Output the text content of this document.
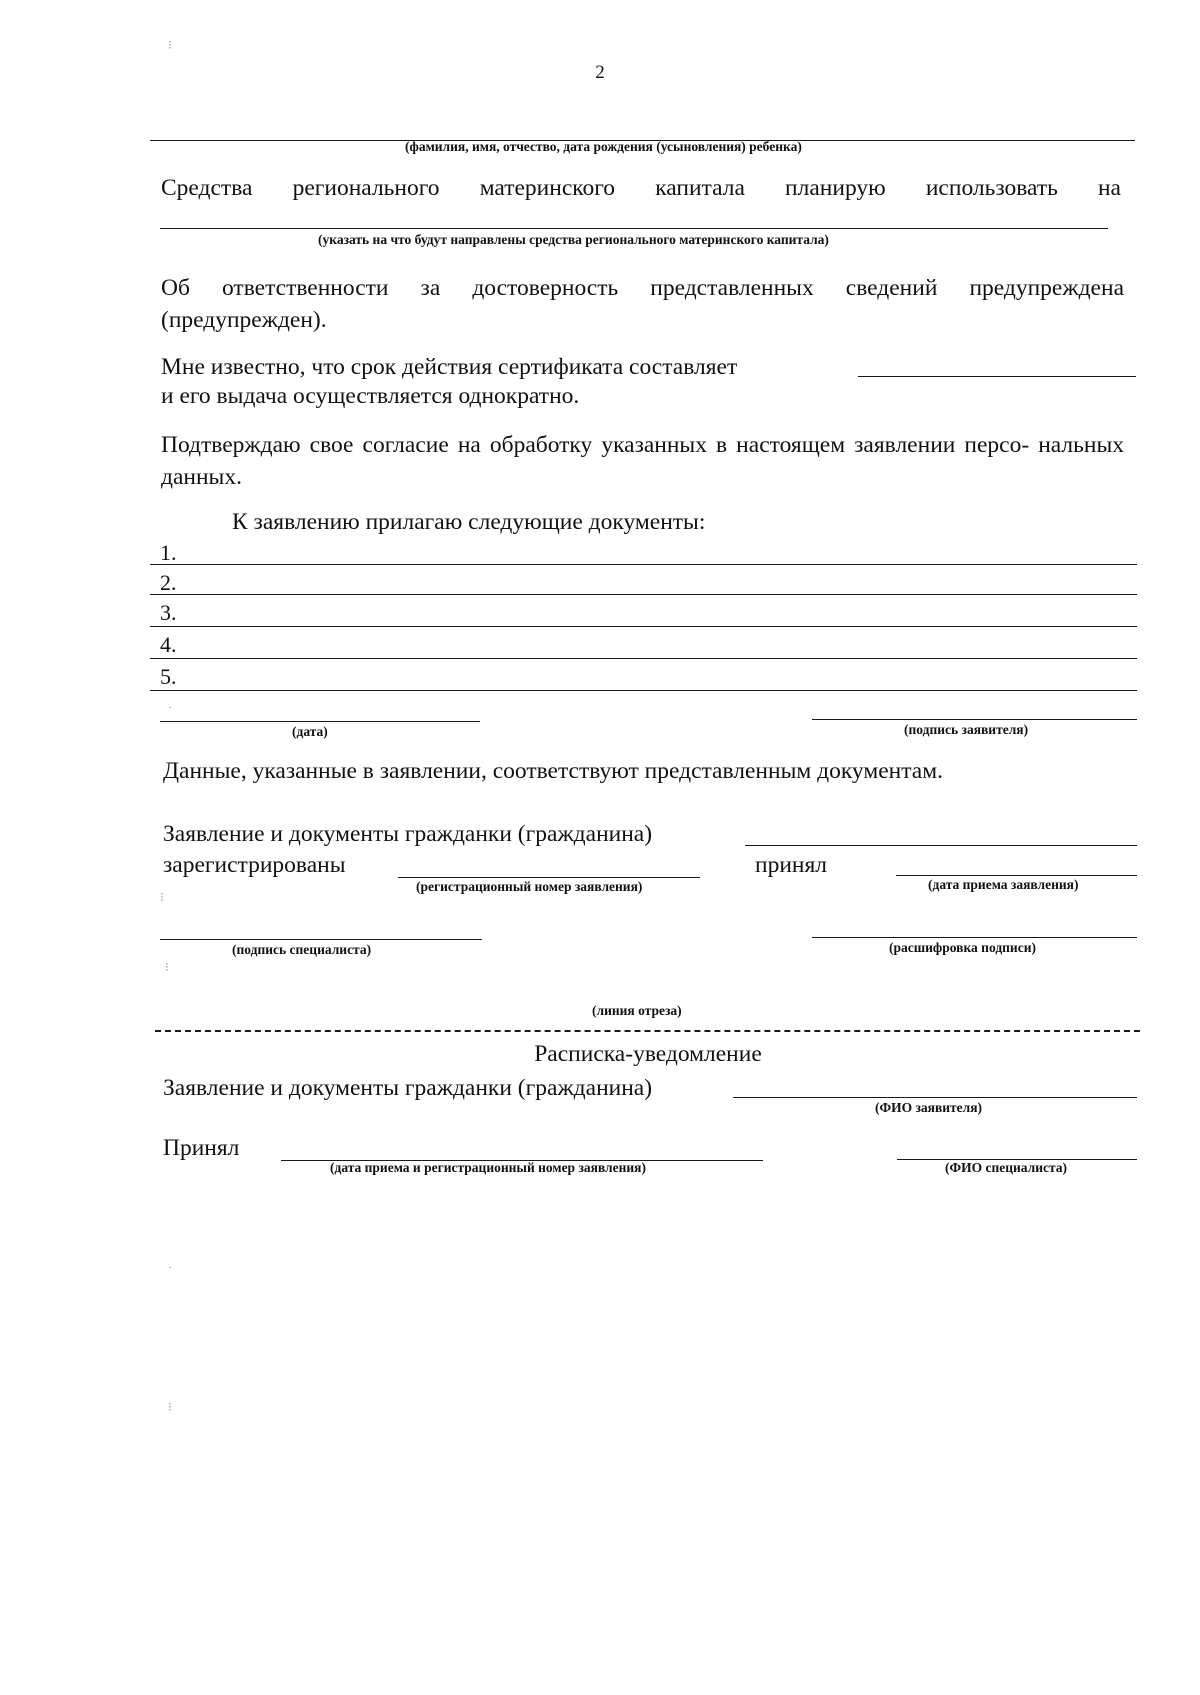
2
⁝
·
⁝
⁝
·
⁝
(фамилия, имя, отчество, дата рождения (усыновления) ребенка)
Средства регионального материнского капитала планирую использовать на
(указать на что будут направлены средства регионального материнского капитала)
Об ответственности за достоверность представленных сведений предупреждена (предупрежден).
Мне известно, что срок действия сертификата составляет
и его выдача осуществляется однократно.
Подтверждаю свое согласие на обработку указанных в настоящем заявлении персо- нальных данных.
К заявлению прилагаю следующие документы:
1.
2.
3.
4.
5.
(дата)	(подпись заявителя)
Данные, указанные в заявлении, соответствуют представленным документам.
Заявление и документы гражданки (гражданина)
зарегистрированы
(регистрационный номер заявления)
принял
(дата приема заявления)
(подпись специалиста)	(расшифровка подписи)
(линия отреза)
Расписка-уведомление
Заявление и документы гражданки (гражданина)
(ФИО заявителя)
Принял
(дата приема и регистрационный номер заявления)	(ФИО специалиста)
